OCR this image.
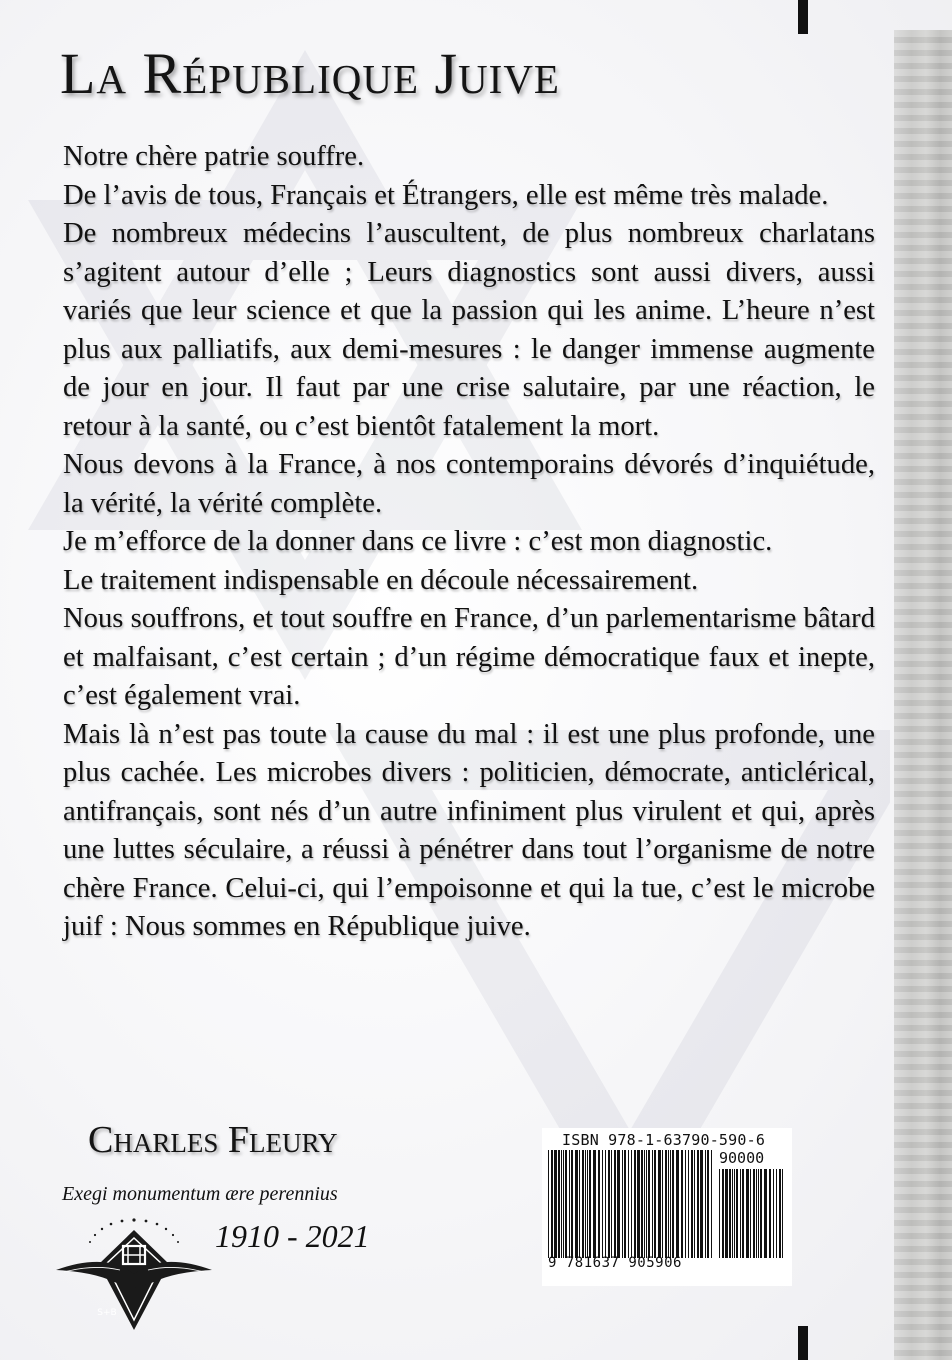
La République Juive

Notre chère patrie souffre.

De l’avis de tous, Français et Étrangers, elle est même très malade.

De nombreux médecins l’auscultent, de plus nombreux charlatans s’agitent autour d’elle ; Leurs diagnostics sont aussi divers, aussi variés que leur science et que la passion qui les anime. L’heure n’est plus aux palliatifs, aux demi-mesures : le danger immense augmente de jour en jour. Il faut par une crise salutaire, par une réaction, le retour à la santé, ou c’est bientôt fatalement la mort.

Nous devons à la France, à nos contemporains dévorés d’inquiétude, la vérité, la vérité complète.

Je m’efforce de la donner dans ce livre : c’est mon diagnostic.

Le traitement indispensable en découle nécessairement.

Nous souffrons, et tout souffre en France, d’un parlementarisme bâtard et malfaisant, c’est certain ; d’un régime démocratique faux et inepte, c’est également vrai.

Mais là n’est pas toute la cause du mal : il est une plus profonde, une plus cachée. Les microbes divers : politicien, démocrate, anticlérical, antifrançais, sont nés d’un autre infiniment plus virulent et qui, après une luttes séculaire, a réussi à pénétrer dans tout l’organisme de notre chère France. Celui-ci, qui l’empoisonne et qui la tue, c’est le microbe juif : Nous sommes en République juive.

Charles Fleury
Exegi monumentum ære perennius
S+B
1910 - 2021
ISBN 978-1-63790-590-6
90000
9 781637 905906
